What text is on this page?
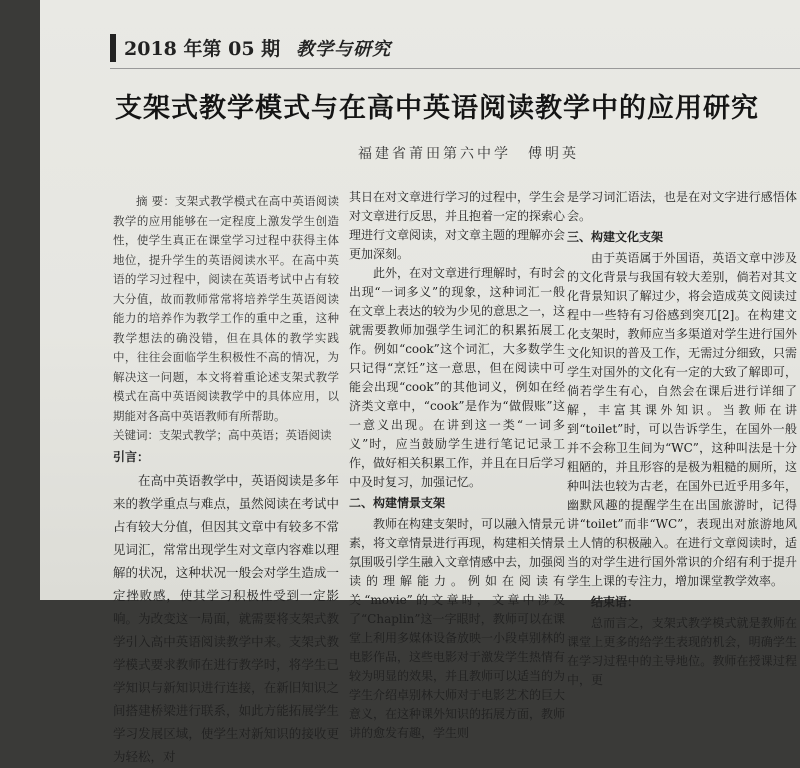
2018 年第 05 期 教学与研究
支架式教学模式与在高中英语阅读教学中的应用研究
福建省莆田第六中学　傅明英

摘 要：支架式教学模式在高中英语阅读教学的应用能够在一定程度上激发学生创造性，使学生真正在课堂学习过程中获得主体地位，提升学生的英语阅读水平。在高中英语的学习过程中，阅读在英语考试中占有较大分值，故而教师常常将培养学生英语阅读能力的培养作为教学工作的重中之重，这种教学想法的确没错，但在具体的教学实践中，往往会面临学生积极性不高的情况，为解决这一问题，本文将着重论述支架式教学模式在高中英语阅读教学中的具体应用，以期能对各高中英语教师有所帮助。

关键词：支架式教学；高中英语；英语阅读

引言：

在高中英语教学中，英语阅读是多年来的教学重点与难点，虽然阅读在考试中占有较大分值，但因其文章中有较多不常见词汇，常常出现学生对文章内容难以理解的状况，这种状况一般会对学生造成一定挫败感，使其学习积极性受到一定影响。为改变这一局面，就需要将支架式教学引入高中英语阅读教学中来。支架式教学模式要求教师在进行教学时，将学生已学知识与新知识进行连接，在新旧知识之间搭建桥梁进行联系，如此方能拓展学生学习发展区域，使学生对新知识的接收更为轻松，对

其日在对文章进行学习的过程中，学生会对文章进行反思，并且抱着一定的探索心理进行文章阅读，对文章主题的理解亦会更加深刻。

此外，在对文章进行理解时，有时会出现“一词多义”的现象，这种词汇一般在文章上表达的较为少见的意思之一，这就需要教师加强学生词汇的积累拓展工作。例如“cook”这个词汇，大多数学生只记得“烹饪”这一意思，但在阅读中可能会出现“cook”的其他词义，例如在经济类文章中，“cook”是作为“做假账”这一意义出现。在讲到这一类“一词多义”时，应当鼓励学生进行笔记记录工作，做好相关积累工作，并且在日后学习中及时复习，加强记忆。

二、构建情景支架

教师在构建支架时，可以融入情景元素，将文章情景进行再现，构建相关情景氛围吸引学生融入文章情感中去，加强阅读的理解能力。例如在阅读有关“movie”的文章时，文章中涉及了“Chaplin”这一字眼时，教师可以在课堂上利用多媒体设备放映一小段卓别林的电影作品，这些电影对于激发学生热情有较为明显的效果，并且教师可以适当的为学生介绍卓别林大师对于电影艺术的巨大意义，在这种课外知识的拓展方面，教师讲的愈发有趣，学生则

是学习词汇语法，也是在对文字进行感悟体会。

三、构建文化支架

由于英语属于外国语，英语文章中涉及的文化背景与我国有较大差别，倘若对其文化背景知识了解过少，将会造成英文阅读过程中一些特有习俗感到突兀[2]。在构建文化支架时，教师应当多渠道对学生进行国外文化知识的普及工作，无需过分细致，只需学生对国外的文化有一定的大致了解即可，倘若学生有心，自然会在课后进行详细了解，丰富其课外知识。当教师在讲到“toilet”时，可以告诉学生，在国外一般并不会称卫生间为“WC”，这种叫法是十分粗陋的，并且形容的是极为粗糙的厕所，这种叫法也较为古老，在国外已近乎用多年，幽默风趣的提醒学生在出国旅游时，记得讲“toilet”而非“WC”，表现出对旅游地风土人情的积极融入。在进行文章阅读时，适当的对学生进行国外常识的介绍有利于提升学生上课的专注力，增加课堂教学效率。

结束语：

总而言之，支架式教学模式就是教师在课堂上更多的给学生表现的机会，明确学生在学习过程中的主导地位。教师在授课过程中，更
